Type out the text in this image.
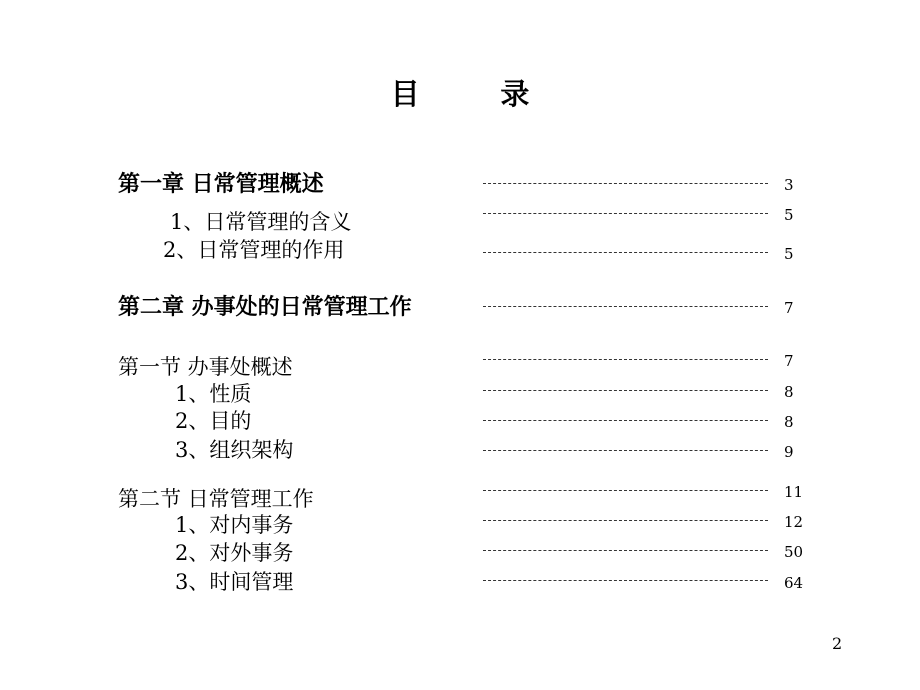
目        录
第一章 日常管理概述	3
1、日常管理的含义	5
2、日常管理的作用	5
第二章 办事处的日常管理工作	7
第一节 办事处概述	7
1、性质	8
2、目的	8
3、组织架构	9
第二节 日常管理工作	11
1、对内事务	12
2、对外事务	50
3、时间管理	64
2
